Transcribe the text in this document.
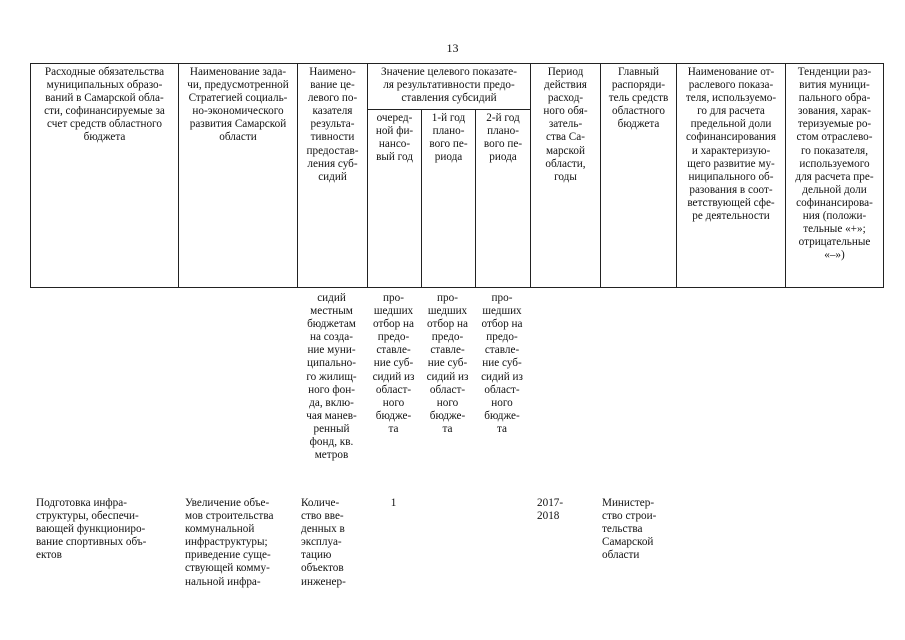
13
Расходные обязательства
муниципальных образо-
ваний в Самарской обла-
сти, софинансируемые за
счет средств областного
бюджета
Наименование зада-
чи, предусмотренной
Стратегией социаль-
но-экономического
развития Самарской
области
Наимено-
вание це-
левого по-
казателя
результа-
тивности
предостав-
ления суб-
сидий
Значение целевого показате-
ля результативности предо-
ставления субсидий
очеред-
ной фи-
нансо-
вый год
1-й год
плано-
вого пе-
риода
2-й год
плано-
вого пе-
риода
Период
действия
расход-
ного обя-
затель-
ства Са-
марской
области,
годы
Главный
распоряди-
тель средств
областного
бюджета
Наименование от-
раслевого показа-
теля, используемо-
го для расчета
предельной доли
софинансирования
и характеризую-
щего развитие му-
ниципального об-
разования в соот-
ветствующей сфе-
ре деятельности
Тенденции раз-
вития муници-
пального обра-
зования, харак-
теризуемые ро-
стом отраслево-
го показателя,
используемого
для расчета пре-
дельной доли
софинансирова-
ния (положи-
тельные «+»;
отрицательные
«–»)
сидий
местным
бюджетам
на созда-
ние муни-
ципально-
го жилищ-
ного фон-
да, вклю-
чая манев-
ренный
фонд, кв.
метров
про-
шедших
отбор на
предо-
ставле-
ние суб-
сидий из
област-
ного
бюдже-
та
про-
шедших
отбор на
предо-
ставле-
ние суб-
сидий из
област-
ного
бюдже-
та
про-
шедших
отбор на
предо-
ставле-
ние суб-
сидий из
област-
ного
бюдже-
та
Подготовка инфра-
структуры, обеспечи-
вающей функциониро-
вание спортивных объ-
ектов
Увеличение объе-
мов строительства
коммунальной
инфраструктуры;
приведение суще-
ствующей комму-
нальной инфра-
Количе-
ство вве-
денных в
эксплуа-
тацию
объектов
инженер-
1	2017-
2018
Министер-
ство строи-
тельства
Самарской
области
